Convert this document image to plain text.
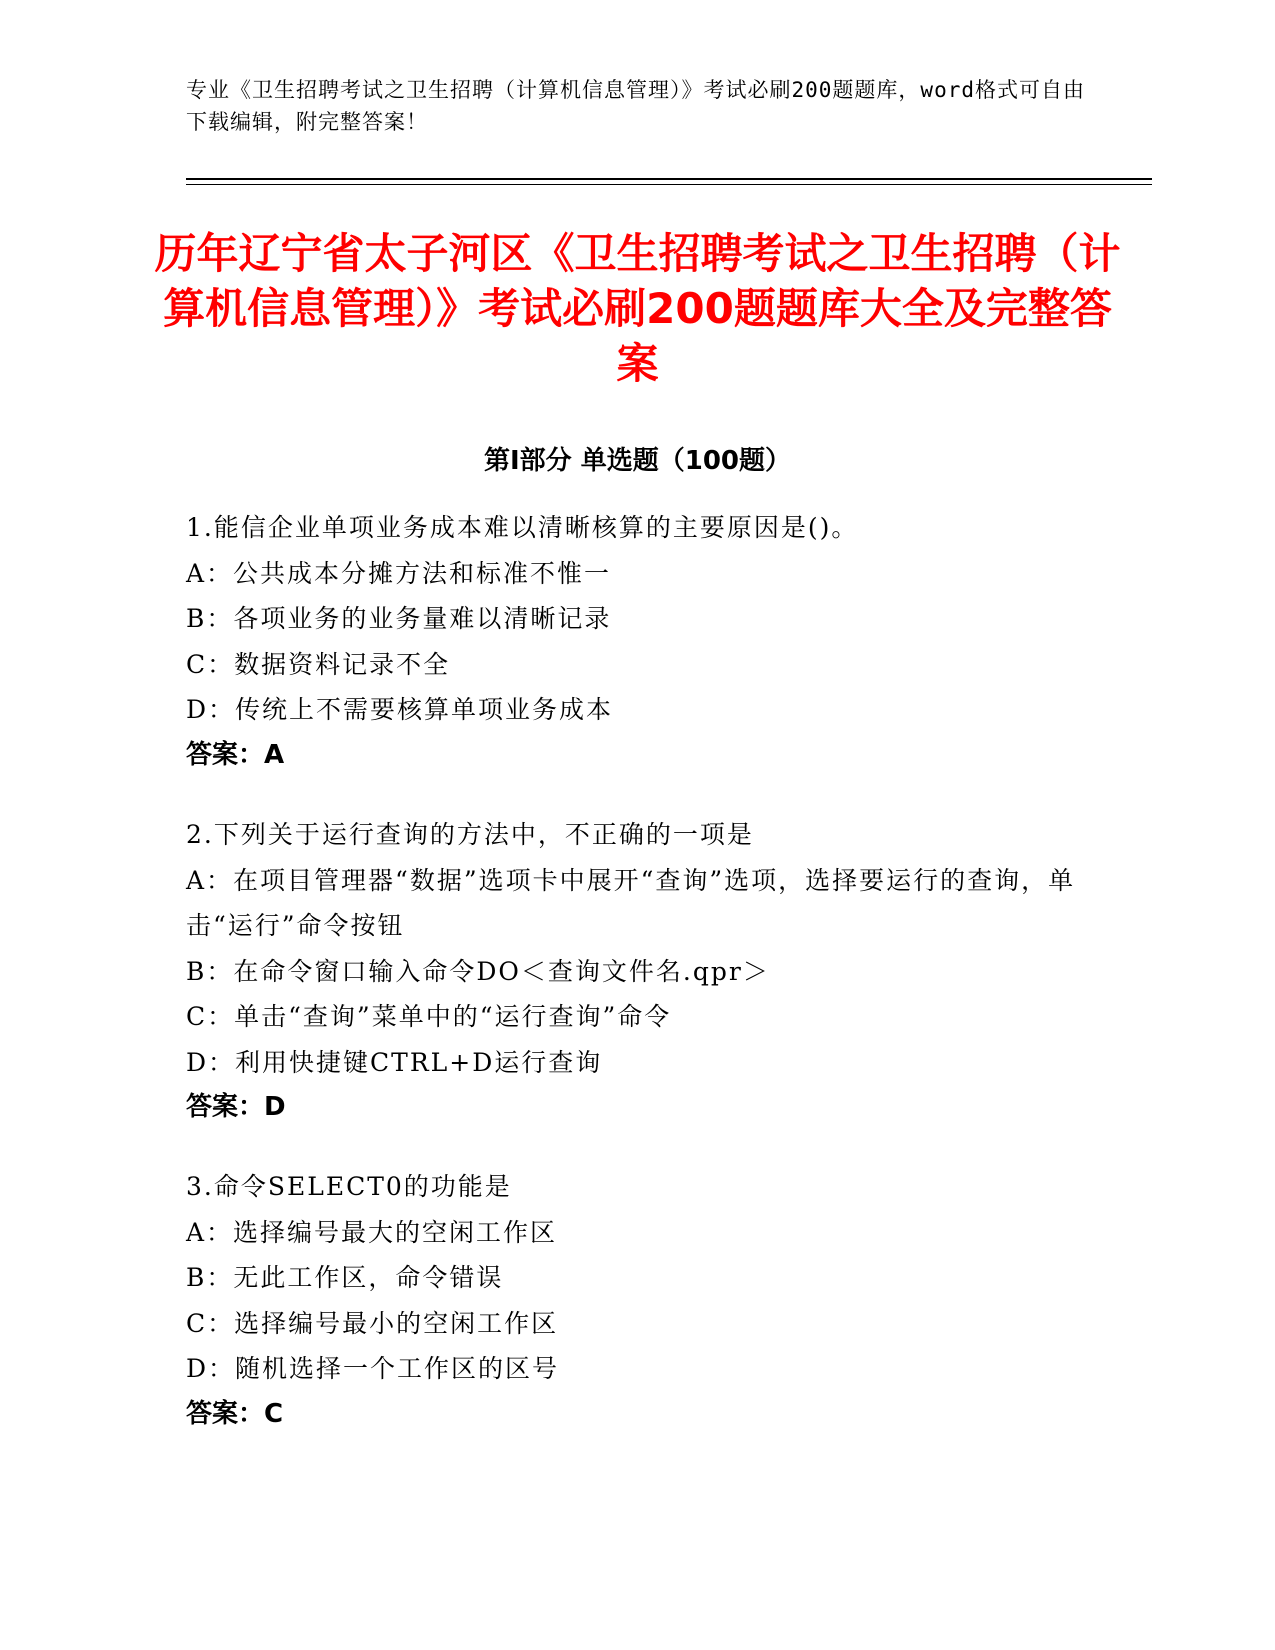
专业《卫生招聘考试之卫生招聘（计算机信息管理）》考试必刷200题题库，word格式可自由下载编辑，附完整答案！
历年辽宁省太子河区《卫生招聘考试之卫生招聘（计算机信息管理）》考试必刷200题题库大全及完整答案
第Ⅰ部分 单选题（100题）
1.能信企业单项业务成本难以清晰核算的主要原因是()。
A：公共成本分摊方法和标准不惟一
B：各项业务的业务量难以清晰记录
C：数据资料记录不全
D：传统上不需要核算单项业务成本
答案：A
2.下列关于运行查询的方法中，不正确的一项是
A：在项目管理器“数据”选项卡中展开“查询”选项，选择要运行的查询，单击“运行”命令按钮
B：在命令窗口输入命令DO＜查询文件名.qpr＞
C：单击“查询”菜单中的“运行查询”命令
D：利用快捷键CTRL+D运行查询
答案：D
3.命令SELECT0的功能是
A：选择编号最大的空闲工作区
B：无此工作区，命令错误
C：选择编号最小的空闲工作区
D：随机选择一个工作区的区号
答案：C
